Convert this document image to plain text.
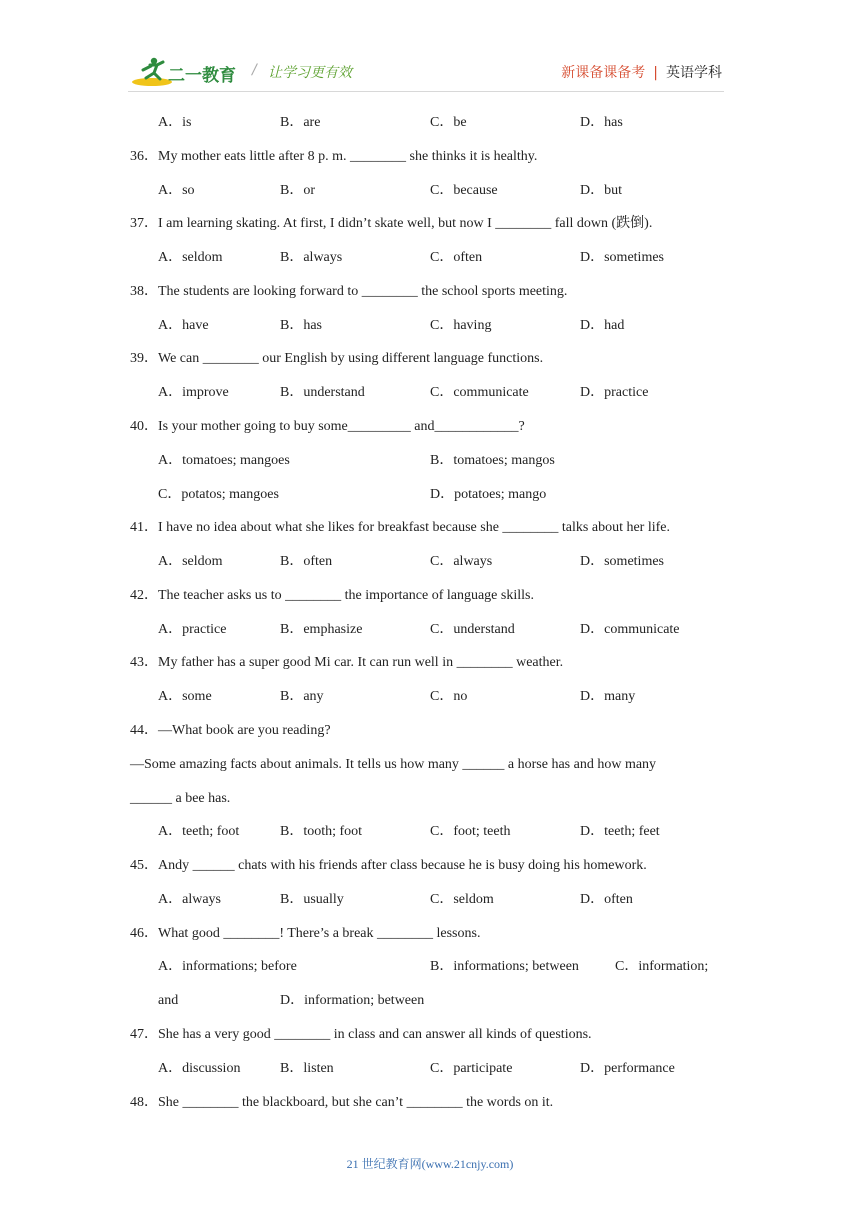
二一教育 / 让学习更有效	新课备课备考 | 英语学科
A．is	B．are	C．be	D．has
36．My mother eats little after 8 p. m. ________ she thinks it is healthy.
A．so	B．or	C．because	D．but
37．I am learning skating. At first, I didn’t skate well, but now I ________ fall down (跌倒).
A．seldom	B．always	C．often	D．sometimes
38．The students are looking forward to ________ the school sports meeting.
A．have	B．has	C．having	D．had
39．We can ________ our English by using different language functions.
A．improve	B．understand	C．communicate	D．practice
40．Is your mother going to buy some_________ and____________?
A．tomatoes; mangoes	B．tomatoes; mangos
C．potatos; mangoes	D．potatoes; mango
41．I have no idea about what she likes for breakfast because she ________ talks about her life.
A．seldom	B．often	C．always	D．sometimes
42．The teacher asks us to ________ the importance of language skills.
A．practice	B．emphasize	C．understand	D．communicate
43．My father has a super good Mi car. It can run well in ________ weather.
A．some	B．any	C．no	D．many
44．—What book are you reading?
—Some amazing facts about animals. It tells us how many ______ a horse has and how many
______ a bee has.
A．teeth; foot	B．tooth; foot	C．foot; teeth	D．teeth; feet
45．Andy ______ chats with his friends after class because he is busy doing his homework.
A．always	B．usually	C．seldom	D．often
46．What good ________! There’s a break ________ lessons.
A．informations; before	B．informations; between	C．information;
and	D．information; between
47．She has a very good ________ in class and can answer all kinds of questions.
A．discussion	B．listen	C．participate	D．performance
48．She ________ the blackboard, but she can’t ________ the words on it.
21 世纪教育网(www.21cnjy.com)
